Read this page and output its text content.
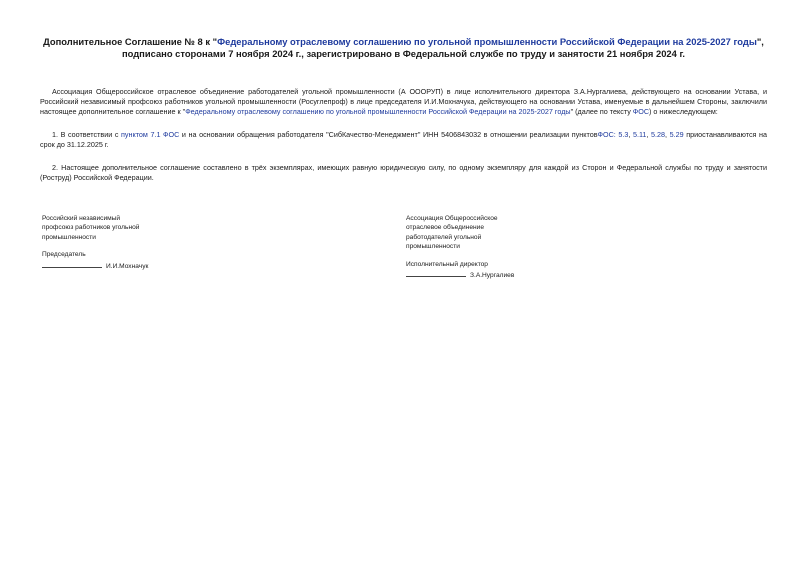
Дополнительное Соглашение № 8 к "Федеральному отраслевому соглашению по угольной промышленности Российской Федерации на 2025-2027 годы",
подписано сторонами 7 ноября 2024 г., зарегистрировано в Федеральной службе по труду и занятости 21 ноября 2024 г.

Ассоциация Общероссийское отраслевое объединение работодателей угольной промышленности (А ОООРУП) в лице исполнительного директора З.А.Нургалиева, действующего на основании Устава, и Российский независимый профсоюз работников угольной промышленности (Росуглепроф) в лице председателя И.И.Мохначука, действующего на основании Устава, именуемые в дальнейшем Стороны, заключили настоящее дополнительное соглашение к "Федеральному отраслевому соглашению по угольной промышленности Российской Федерации на 2025-2027 годы" (далее по тексту ФОС) о нижеследующем:

1. В соответствии с пунктом 7.1 ФОС и на основании обращения работодателя "СибКачество-Менеджмент" ИНН 5406843032 в отношении реализации пунктовФОС: 5.3, 5.11, 5.28, 5.29 приостанавливаются на срок до 31.12.2025 г.

2. Настоящее дополнительное соглашение составлено в трёх экземплярах, имеющих равную юридическую силу, по одному экземпляру для каждой из Сторон и Федеральной службы по труду и занятости (Роструд) Российской Федерации.

Российский независимый профсоюз работников угольной промышленности
Председатель
И.И.Мохначук
Ассоциация Общероссийское отраслевое объединение работодателей угольной промышленности
Исполнительный директор
З.А.Нургалиев
